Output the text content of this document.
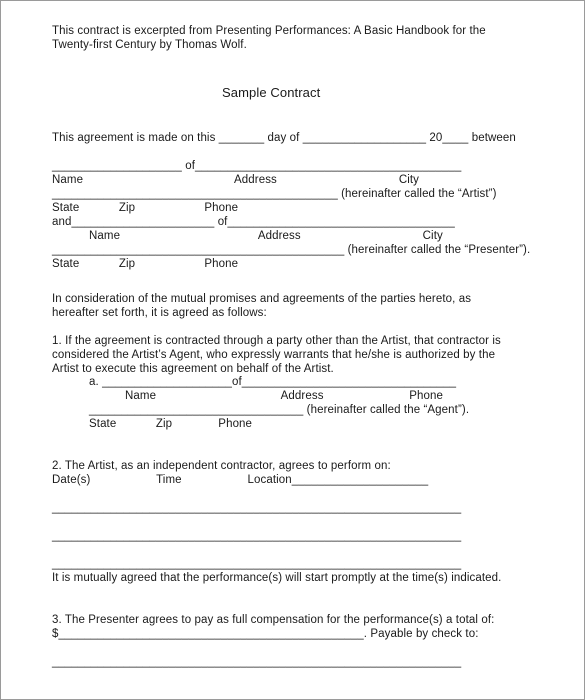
This contract is excerpted from Presenting Performances: A Basic Handbook for the
Twenty-first Century by Thomas Wolf.
Sample Contract
This agreement is made on this _______ day of ___________________ 20____ between
____________________ of_________________________________________
Name                                              Address                                     City
____________________________________________ (hereinafter called the “Artist”)
State            Zip                     Phone
and______________________ of___________________________________
Name                                          Address                                     City
_____________________________________________ (hereinafter called the “Presenter”).
State            Zip                     Phone
In consideration of the mutual promises and agreements of the parties hereto, as
hereafter set forth, it is agreed as follows:
1. If the agreement is contracted through a party other than the Artist, that contractor is
considered the Artist’s Agent, who expressly warrants that he/she is authorized by the
Artist to execute this agreement on behalf of the Artist.
a. ____________________of_________________________________
Name                                      Address                          Phone
_________________________________ (hereinafter called the “Agent”).
State            Zip              Phone
2. The Artist, as an independent contractor, agrees to perform on:
Date(s)                    Time                    Location_____________________
_______________________________________________________________
_______________________________________________________________
_______________________________________________________________
It is mutually agreed that the performance(s) will start promptly at the time(s) indicated.
3. The Presenter agrees to pay as full compensation for the performance(s) a total of:
$_______________________________________________. Payable by check to:
_______________________________________________________________
